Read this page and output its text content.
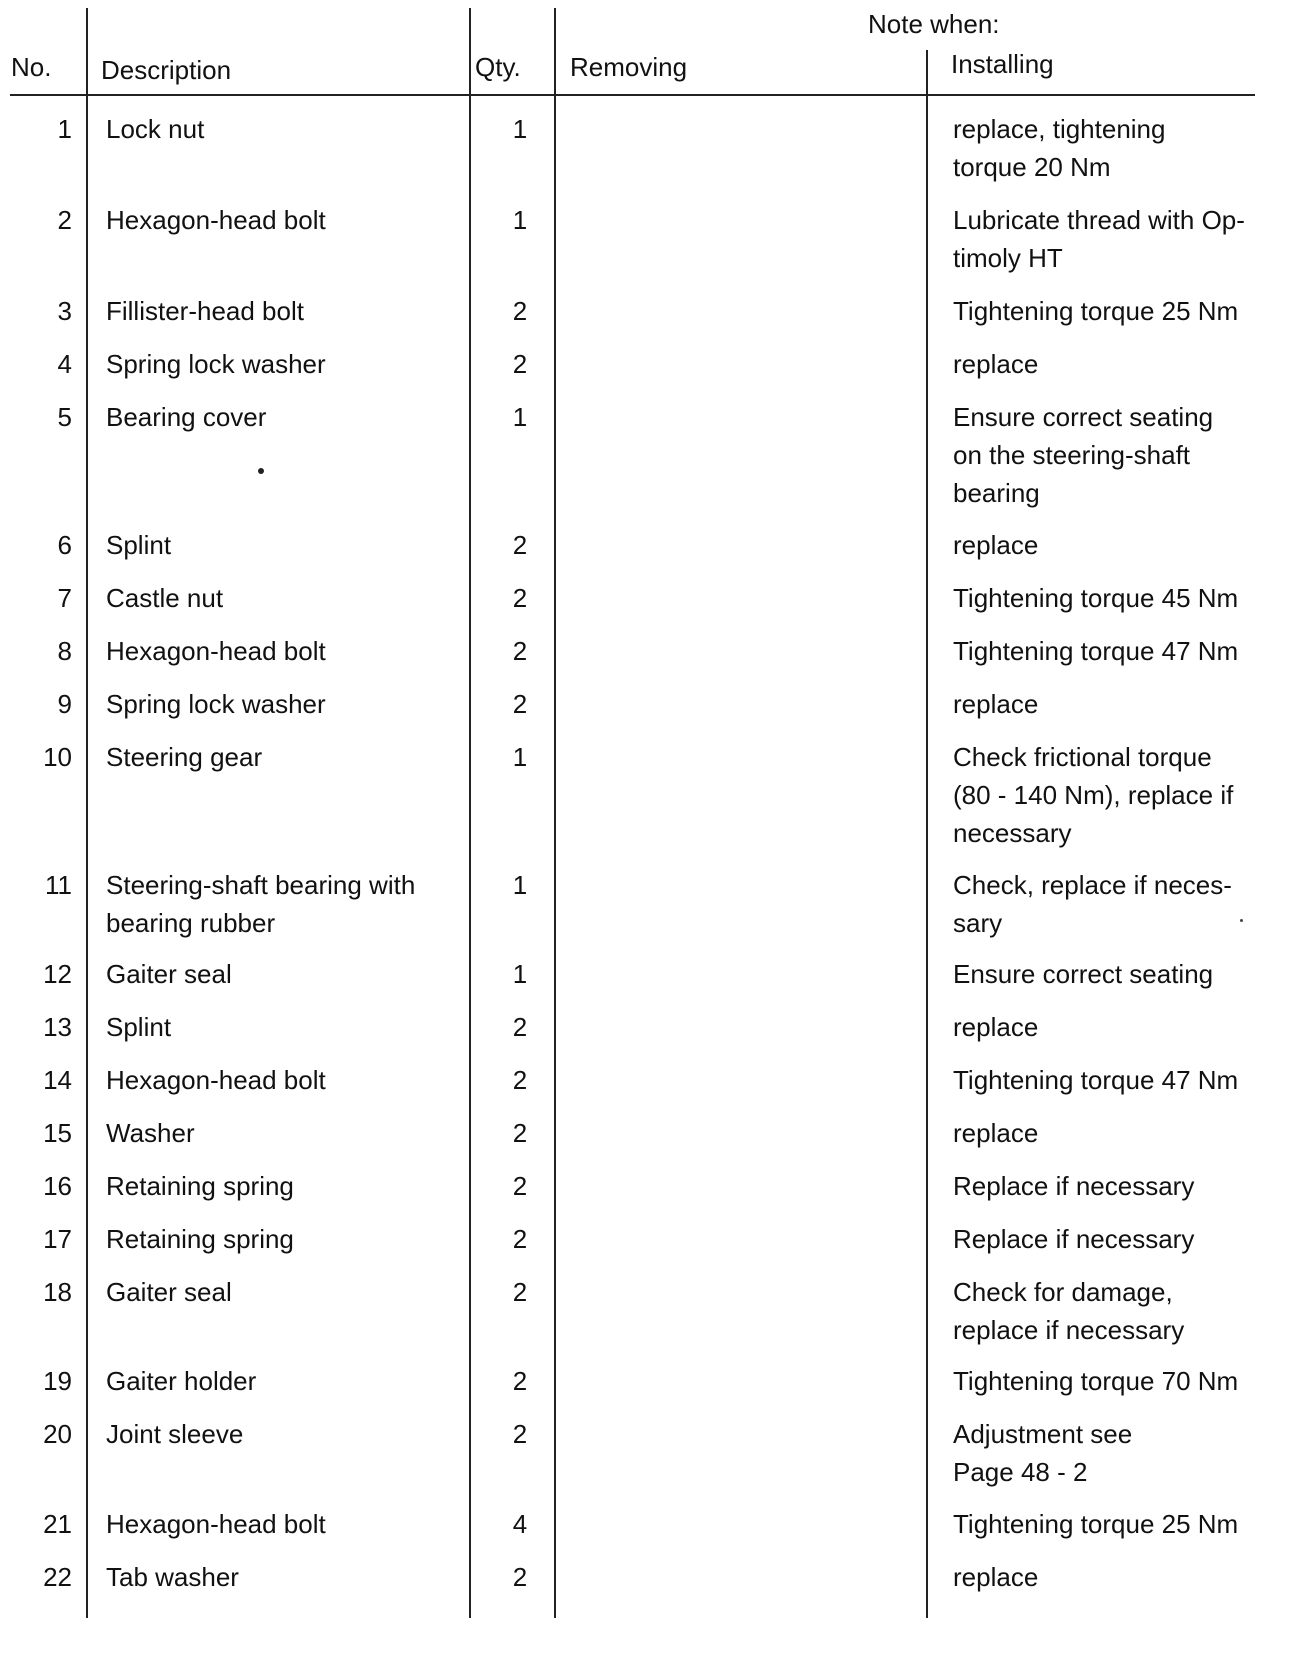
Note when:
No. Description	Qty. Removing	Installing
1 Lock nut	1	replace, tightening
torque 20 Nm
2 Hexagon-head bolt	1	Lubricate thread with Op-
timoly HT
3 Fillister-head bolt	2	Tightening torque 25 Nm
4 Spring lock washer	2	replace
5 Bearing cover	1	Ensure correct seating
on the steering-shaft
bearing
6 Splint	2	replace
7 Castle nut	2	Tightening torque 45 Nm
8 Hexagon-head bolt	2	Tightening torque 47 Nm
9 Spring lock washer	2	replace
10 Steering gear	1	Check frictional torque
(80 - 140 Nm), replace if
necessary
11 Steering-shaft bearing with
bearing rubber
1	Check, replace if neces-
sary
12 Gaiter seal	1	Ensure correct seating
13 Splint	2	replace
14 Hexagon-head bolt	2	Tightening torque 47 Nm
15 Washer	2	replace
16 Retaining spring	2	Replace if necessary
17 Retaining spring	2	Replace if necessary
18 Gaiter seal	2	Check for damage,
replace if necessary
19 Gaiter holder	2	Tightening torque 70 Nm
20 Joint sleeve	2	Adjustment see
Page 48 - 2
21 Hexagon-head bolt	4	Tightening torque 25 Nm
22 Tab washer	2	replace
